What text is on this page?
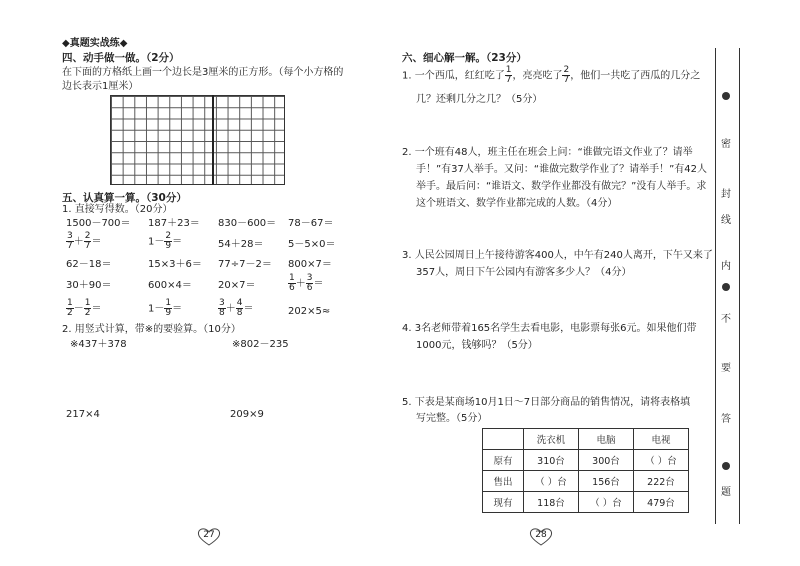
◆真题实战练◆
四、动手做一做。（2分）
在下面的方格纸上画一个边长是3厘米的正方形。（每个小方格的
边长表示1厘米）
五、认真算一算。（30分）
1. 直接写得数。（20分）
1500－700＝ 187＋23＝ 830－600＝ 78－67＝
$\frac{3}{7} + \frac{2}{7}$ ＝	$1- \frac{2}{9}$ ＝	54＋28＝ 5－5×0＝
62－18＝	15×3＋6＝ 77÷7－2＝ 800×7＝
30＋90＝	600×4＝	20×7＝	$\frac{1}{6} + \frac{3}{6}$ ＝
$\frac{1}{2} - \frac{1}{2}$ ＝	$1- \frac{1}{9}$ ＝	$\frac{3}{8} + \frac{4}{8}$ ＝	202×5≈
2. 用竖式计算，带※的要验算。（10分）
※437＋378	※802－235
217×4	209×9
27
六、细心解一解。（23分）
1. 一个西瓜，红红吃了 $\frac{1}{7}$ ，亮亮吃了 $\frac{2}{7}$ ，他们一共吃了西瓜的几分之
几？还剩几分之几？（5分）
2. 一个班有48人，班主任在班会上问：“谁做完语文作业了？请举
手！”有37人举手。又问：“谁做完数学作业了？请举手！”有42人
举手。最后问：“谁语文、数学作业都没有做完？”没有人举手。求
这个班语文、数学作业都完成的人数。（4分）
3. 人民公园周日上午接待游客400人，中午有240人离开，下午又来了
357人，周日下午公园内有游客多少人？（4分）
4. 3名老师带着165名学生去看电影，电影票每张6元。如果他们带
1000元，钱够吗？（5分）
5. 下表是某商场10月1日～7日部分商品的销售情况，请将表格填
写完整。（5分）
	洗衣机	电脑	电视
原有	310台	300台	（ ）台
售出	（ ）台	156台	222台
现有	118台	（ ）台	479台
28
密
封
线
内
不
要
答
题
